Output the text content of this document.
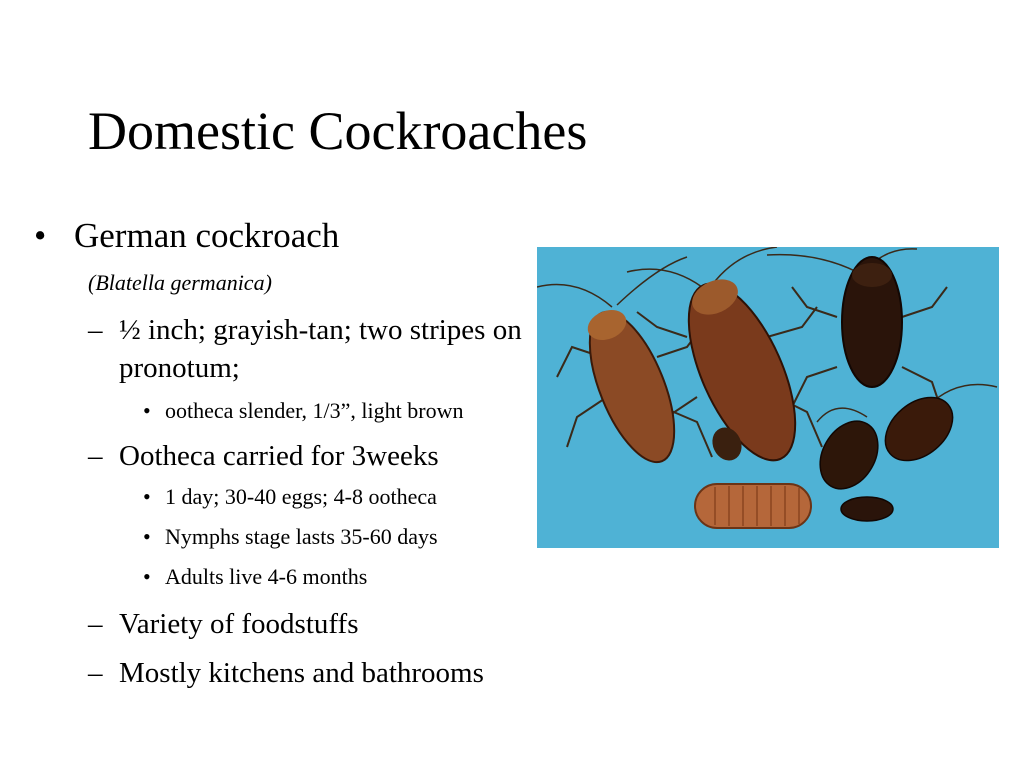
Domestic Cockroaches
• German cockroach
(Blatella germanica)
– ½ inch; grayish-tan; two stripes on
pronotum;
• ootheca slender, 1/3”, light brown
– Ootheca carried for 3weeks
• 1 day; 30-40 eggs; 4-8 ootheca
• Nymphs stage lasts 35-60 days
• Adults live 4-6 months
– Variety of foodstuffs
– Mostly kitchens and bathrooms
